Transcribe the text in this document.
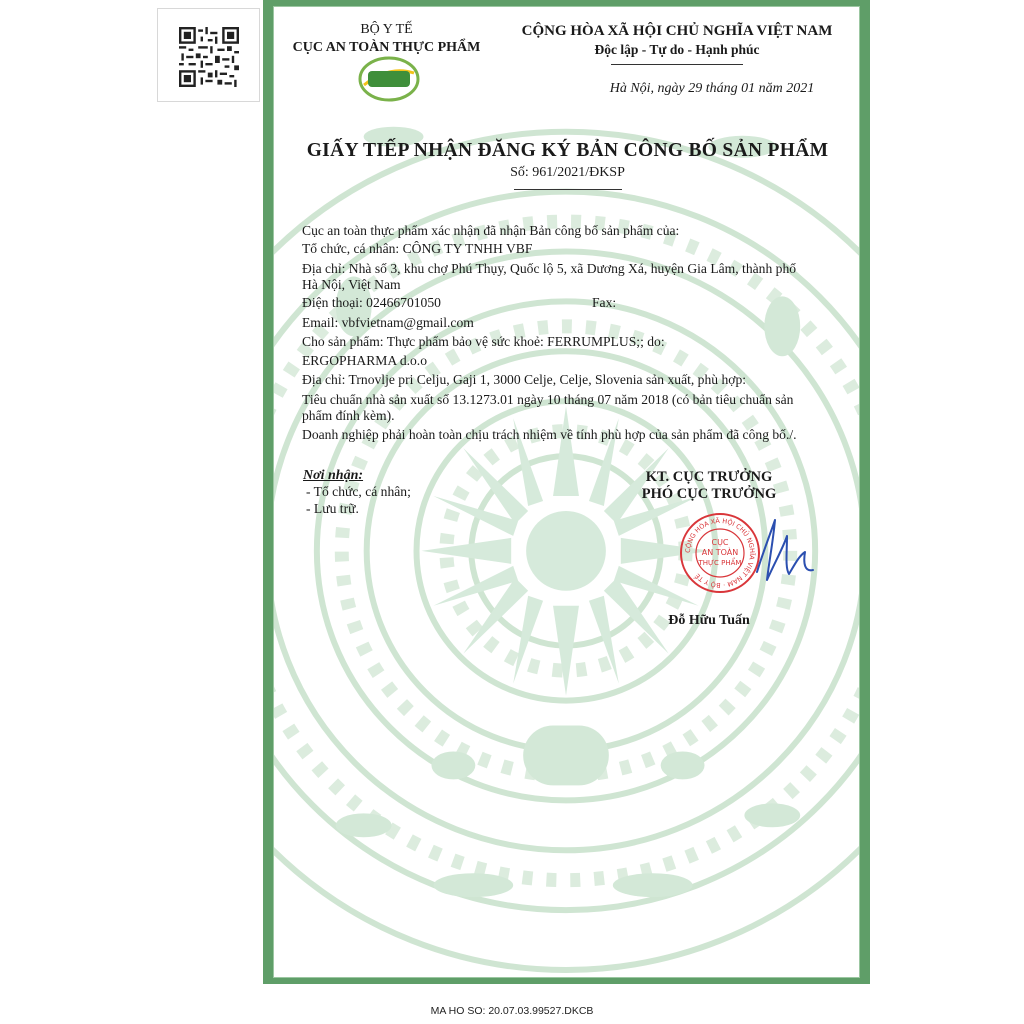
BỘ Y TẾ
CỤC AN TOÀN THỰC PHẨM
CỘNG HÒA XÃ HỘI CHỦ NGHĨA VIỆT NAM
Độc lập - Tự do - Hạnh phúc
Hà Nội, ngày 29 tháng 01 năm 2021
GIẤY TIẾP NHẬN ĐĂNG KÝ BẢN CÔNG BỐ SẢN PHẨM
Số: 961/2021/ĐKSP
Cục an toàn thực phẩm xác nhận đã nhận Bản công bố sản phẩm của:
Tổ chức, cá nhân: CÔNG TY TNHH VBF
Địa chỉ: Nhà số 3, khu chợ Phú Thụy, Quốc lộ 5, xã Dương Xá, huyện Gia Lâm, thành phố
Hà Nội, Việt Nam
Điện thoại: 02466701050	Fax:
Email: vbfvietnam@gmail.com
Cho sản phẩm: Thực phẩm bảo vệ sức khoẻ: FERRUMPLUS;; do:
ERGOPHARMA d.o.o
Địa chỉ: Trnovlje pri Celju, Gaji 1, 3000 Celje, Celje, Slovenia sản xuất, phù hợp:
Tiêu chuẩn nhà sản xuất số 13.1273.01 ngày 10 tháng 07 năm 2018 (có bản tiêu chuẩn sản
phẩm đính kèm).
Doanh nghiệp phải hoàn toàn chịu trách nhiệm về tính phù hợp của sản phẩm đã công bố./.
Nơi nhận:
- Tổ chức, cá nhân;
- Lưu trữ.
KT. CỤC TRƯỞNG
PHÓ CỤC TRƯỞNG
CỘNG HÒA XÃ HỘI CHỦ NGHĨA VIỆT NAM · BỘ Y TẾ
CỤC
AN TOÀN
THỰC PHẨM
Đỗ Hữu Tuấn
MA HO SO: 20.07.03.99527.DKCB
